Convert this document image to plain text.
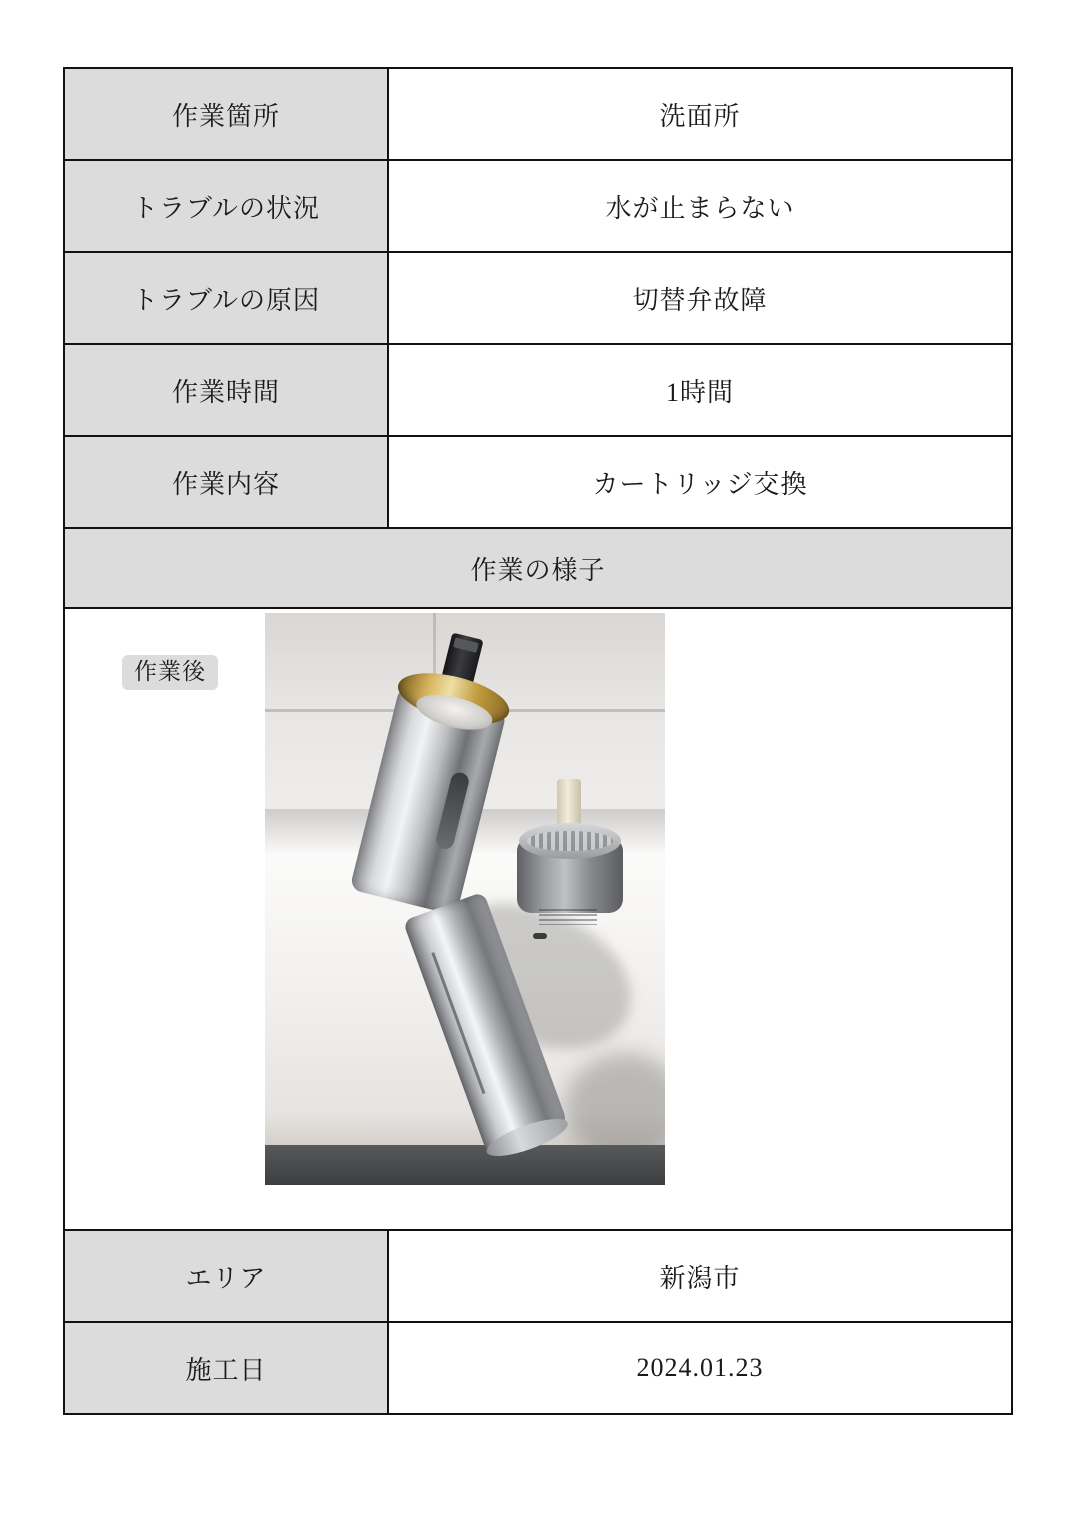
作業箇所	洗面所
トラブルの状況	水が止まらない
トラブルの原因	切替弁故障
作業時間	1時間
作業内容	カートリッジ交換
作業の様子	

作業後	

エリア	新潟市
施工日	2024.01.23
